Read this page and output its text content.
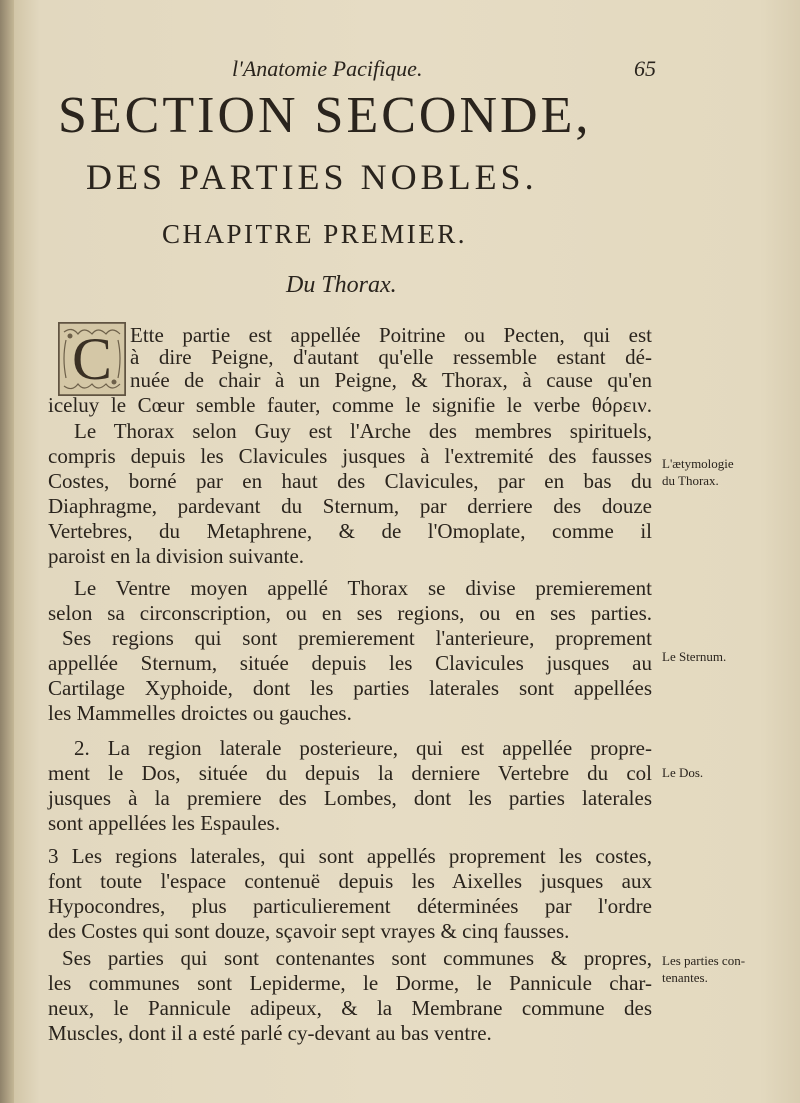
l'Anatomie Pacifique.	65
SECTION SECONDE,
DES PARTIES NOBLES.
CHAPITRE PREMIER.
Du Thorax.
C Ette partie est appellée Poitrine ou Pecten, qui est
à dire Peigne, d'autant qu'elle ressemble estant dé-
nuée de chair à un Peigne, & Thorax, à cause qu'en
iceluy le Cœur semble fauter, comme le signifie le verbe θόρειν.
Le Thorax selon Guy est l'Arche des membres spirituels,
compris depuis les Clavicules jusques à l'extremité des fausses
Costes, borné par en haut des Clavicules, par en bas du
Diaphragme, pardevant du Sternum, par derriere des douze
Vertebres, du Metaphrene, & de l'Omoplate, comme il
paroist en la division suivante.
Le Ventre moyen appellé Thorax se divise premierement
selon sa circonscription, ou en ses regions, ou en ses parties.
Ses regions qui sont premierement l'anterieure, proprement
appellée Sternum, située depuis les Clavicules jusques au
Cartilage Xyphoide, dont les parties laterales sont appellées
les Mammelles droictes ou gauches.
2. La region laterale posterieure, qui est appellée propre-
ment le Dos, située du depuis la derniere Vertebre du col
jusques à la premiere des Lombes, dont les parties laterales
sont appellées les Espaules.
3 Les regions laterales, qui sont appellés proprement les costes,
font toute l'espace contenuë depuis les Aixelles jusques aux
Hypocondres, plus particulierement déterminées par l'ordre
des Costes qui sont douze, sçavoir sept vrayes & cinq fausses.
Ses parties qui sont contenantes sont communes & propres,
les communes sont Lepiderme, le Dorme, le Pannicule char-
neux, le Pannicule adipeux, & la Membrane commune des
Muscles, dont il a esté parlé cy-devant au bas ventre.
L'ætymologie
du Thorax.
Le Sternum.
Le Dos.
Les parties con-
tenantes.
